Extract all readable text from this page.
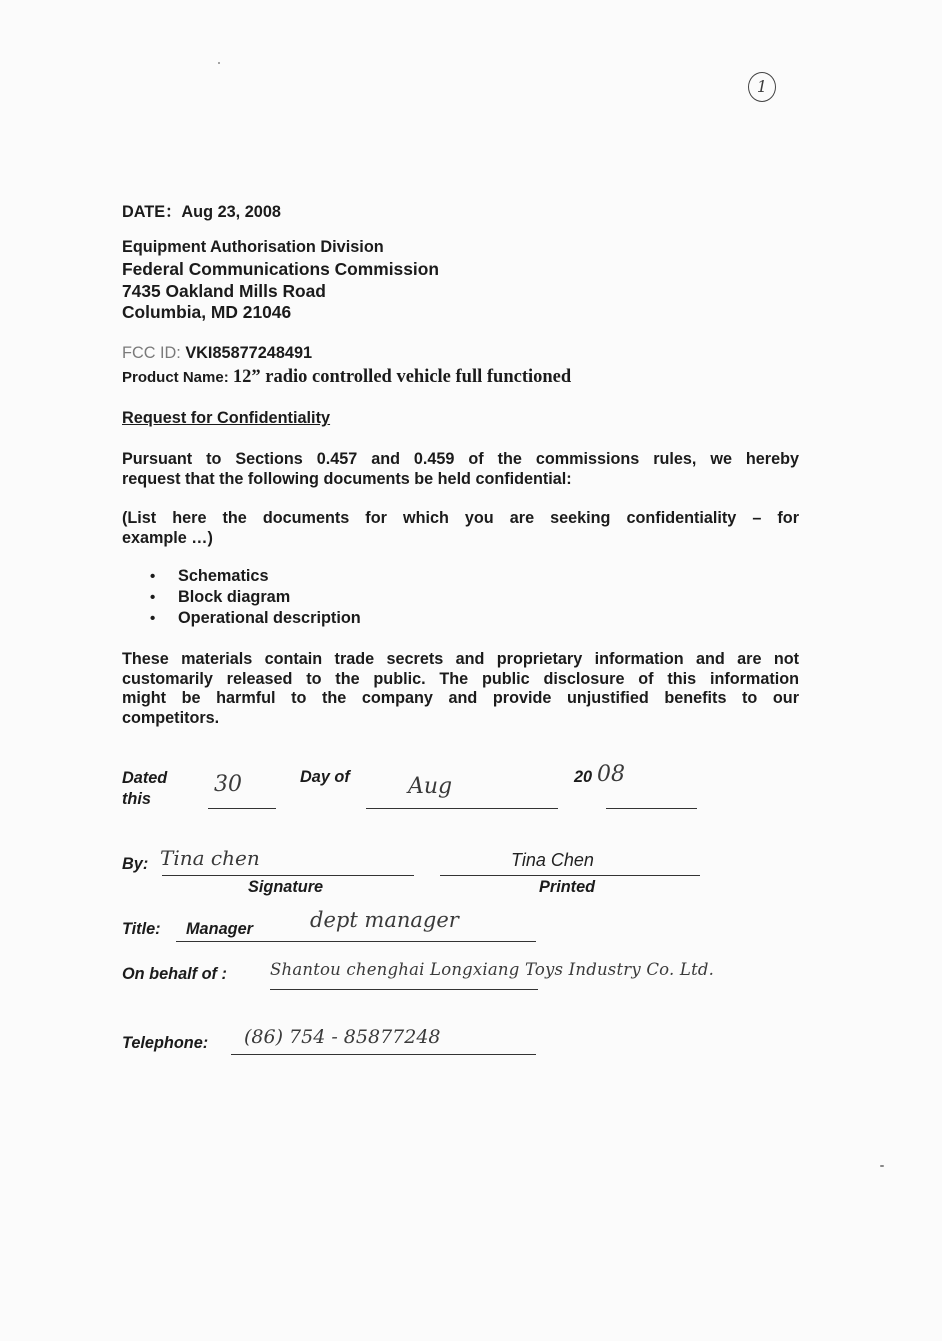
1
DATE：Aug 23, 2008
Equipment Authorisation Division
Federal Communications Commission
7435 Oakland Mills Road
Columbia, MD 21046
FCC ID: VKI85877248491
Product Name: 12” radio controlled vehicle full functioned
Request for Confidentiality
Pursuant to Sections 0.457 and 0.459 of the commissions rules, we hereby
request that the following documents be held confidential:
(List here the documents for which you are seeking confidentiality – for
example …)
• Schematics
• Block diagram
• Operational description
These materials contain trade secrets and proprietary information and are not
customarily released to the public. The public disclosure of this information
might be harmful to the company and provide unjustified benefits to our
competitors.
Dated
this
30	Day of	Aug	20 08
By: Tina chen
Signature
Tina Chen
Printed
Title: Manager	dept manager
On behalf of :	Shantou chenghai Longxiang Toys Industry Co. Ltd.
Telephone: (86) 754 - 85877248
